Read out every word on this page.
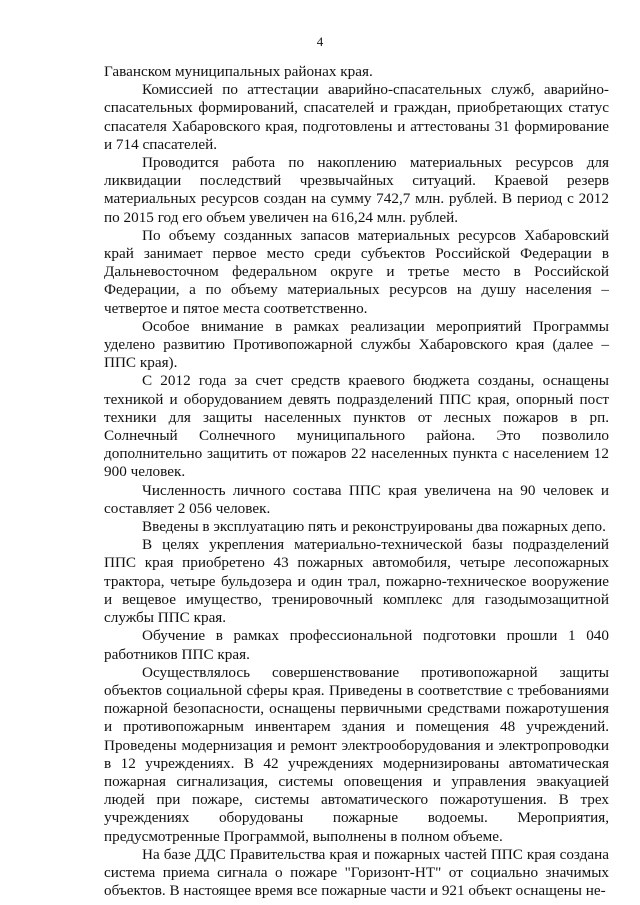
4

Гаванском муниципальных районах края.

Комиссией по аттестации аварийно-спасательных служб, аварийно-спасательных формирований, спасателей и граждан, приобретающих статус спасателя Хабаровского края, подготовлены и аттестованы 31 формирование и 714 спасателей.

Проводится работа по накоплению материальных ресурсов для ликвидации последствий чрезвычайных ситуаций. Краевой резерв материальных ресурсов создан на сумму 742,7 млн. рублей. В период с 2012 по 2015 год его объем увеличен на 616,24 млн. рублей.

По объему созданных запасов материальных ресурсов Хабаровский край занимает первое место среди субъектов Российской Федерации в Дальневосточном федеральном округе и третье место в Российской Федерации, а по объему материальных ресурсов на душу населения – четвертое и пятое места соответственно.

Особое внимание в рамках реализации мероприятий Программы уделено развитию Противопожарной службы Хабаровского края (далее – ППС края).

С 2012 года за счет средств краевого бюджета созданы, оснащены техникой и оборудованием девять подразделений ППС края, опорный пост техники для защиты населенных пунктов от лесных пожаров в рп. Солнечный Солнечного муниципального района. Это позволило дополнительно защитить от пожаров 22 населенных пункта с населением 12 900 человек.

Численность личного состава ППС края увеличена на 90 человек и составляет 2 056 человек.

Введены в эксплуатацию пять и реконструированы два пожарных депо.

В целях укрепления материально-технической базы подразделений ППС края приобретено 43 пожарных автомобиля, четыре лесопожарных трактора, четыре бульдозера и один трал, пожарно-техническое вооружение и вещевое имущество, тренировочный комплекс для газодымозащитной службы ППС края.

Обучение в рамках профессиональной подготовки прошли 1 040 работников ППС края.

Осуществлялось совершенствование противопожарной защиты объектов социальной сферы края. Приведены в соответствие с требованиями пожарной безопасности, оснащены первичными средствами пожаротушения и противопожарным инвентарем здания и помещения 48 учреждений. Проведены модернизация и ремонт электрооборудования и электропроводки в 12 учреждениях. В 42 учреждениях модернизированы автоматическая пожарная сигнализация, системы оповещения и управления эвакуацией людей при пожаре, системы автоматического пожаротушения. В трех учреждениях оборудованы пожарные водоемы. Мероприятия, предусмотренные Программой, выполнены в полном объеме.

На базе ДДС Правительства края и пожарных частей ППС края создана система приема сигнала о пожаре "Горизонт-НТ" от социально значимых объектов. В настоящее время все пожарные части и 921 объект оснащены не-
